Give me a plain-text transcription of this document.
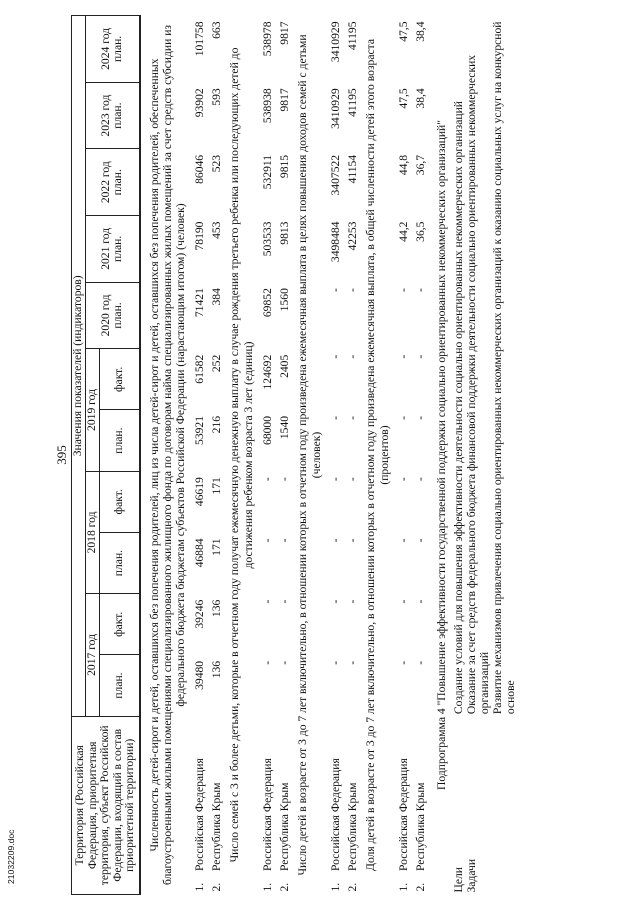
395
Территория (Российская Федерация, приоритетная территория, субъект Российской Федерации, входящий в состав приоритетной территории)		Значения показателей (индикаторов)										
		2017 год		2018 год		2019 год		2020 год план.	2021 год план.	2022 год план.	2023 год план.	2024 год план.
		план.	факт.	план.	факт.	план.	факт.					

Численность детей-сирот и детей, оставшихся без попечения родителей, лиц из числа детей-сирот и детей, оставшихся без попечения родителей, обеспеченных благоустроенными жилыми помещениями специализированного жилищного фонда по договорам найма специализированных жилых помещений за счет средств субсидии из федерального бюджета бюджетам субъектов Российской Федерации (нарастающим итогом) (человек)												
1.	Российская Федерация	39480	39246	46884	46619	53921	61582	71421	78190	86046	93902	101758
2.	Республика Крым	136	136	171	171	216	252	384	453	523	593	663
Число семей с 3 и более детьми, которые в отчетном году получат ежемесячную денежную выплату в случае рождения третьего ребенка или последующих детей до достижения ребенком возраста 3 лет (единиц)												
1.	Российская Федерация	-	-	-	-	68000	124692	69852	503533	532911	538938	538978
2.	Республика Крым	-	-	-	-	1540	2405	1560	9813	9815	9817	9817
Число детей в возрасте от 3 до 7 лет включительно, в отношении которых в отчетном году произведена ежемесячная выплата в целях повышения доходов семей с детьми (человек)												
1.	Российская Федерация	-	-	-	-	-	-	-	3498484	3407522	3410929	3410929
2.	Республика Крым	-	-	-	-	-	-	-	42253	41154	41195	41195
Доля детей в возрасте от 3 до 7 лет включительно, в отношении которых в отчетном году произведена ежемесячная выплата, в общей численности детей этого возраста (процентов)												
1.	Российская Федерация	-	-	-	-	-	-	-	44,2	44,8	47,5	47,5
2.	Республика Крым	-	-	-	-	-	-	-	36,5	36,7	38,4	38,4
Подпрограмма 4 "Повышение эффективности государственной поддержки социально ориентированных некоммерческих организаций"												
Цели		Создание условий для повышения эффективности деятельности социально ориентированных некоммерческих организаций										
Задачи		Оказание за счет средств федерального бюджета финансовой поддержки деятельности социально ориентированных некоммерческих организаций										
		Развитие механизмов привлечения социально ориентированных некоммерческих организаций к оказанию социальных услуг на конкурсной основе										
21032209.doc
